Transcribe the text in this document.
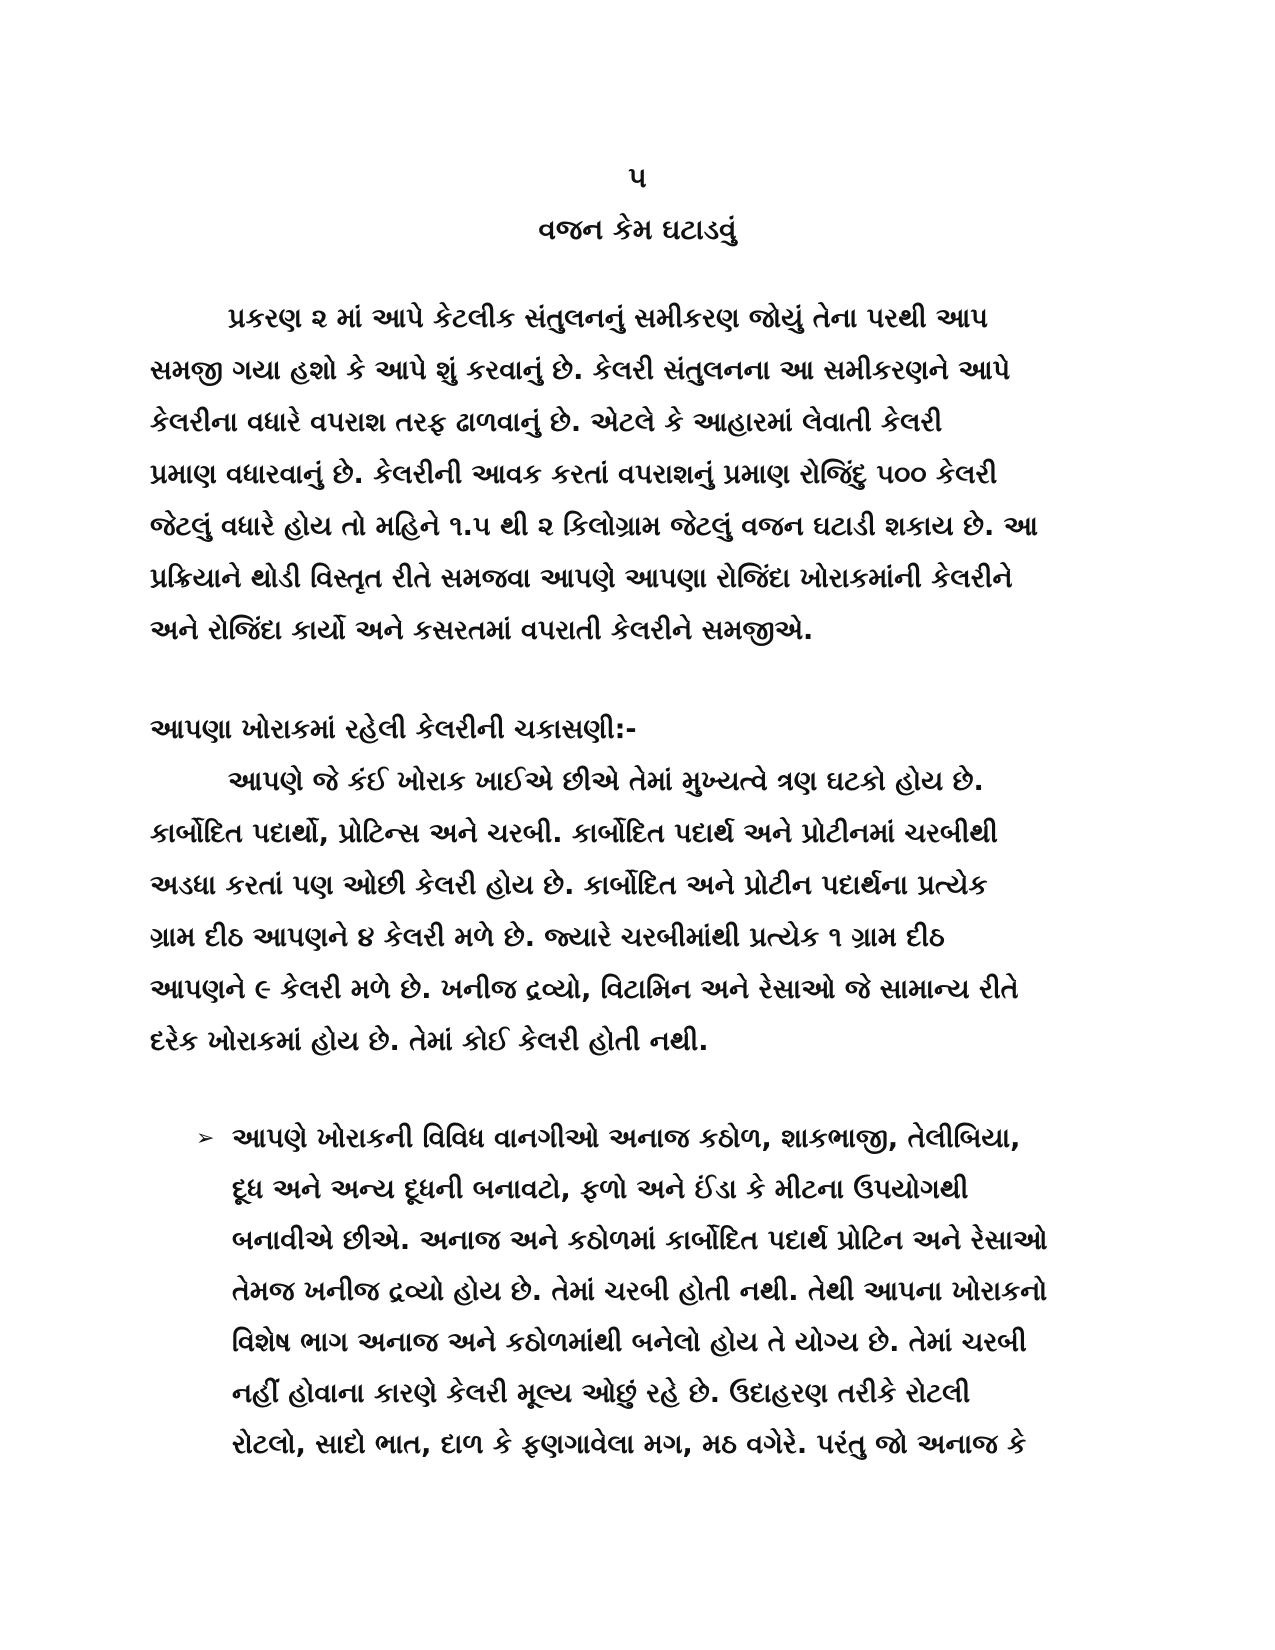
૫
વજન કેમ ઘટાડવું
પ્રકરણ ૨ માં આપે કેટલીક સંતુલનનું સમીકરણ જોયું તેના પરથી આપ
સમજી ગયા હશો કે આપે શું કરવાનું છે. કેલરી સંતુલનના આ સમીકરણને આપે
કેલરીના વધારે વપરાશ તરફ ઢાળવાનું છે. એટલે કે આહારમાં લેવાતી કેલરી
પ્રમાણ વધારવાનું છે. કેલરીની આવક કરતાં વપરાશનું પ્રમાણ રોજિંદુ ૫૦૦ કેલરી
જેટલું વધારે હોય તો મહિને ૧.૫ થી ૨ કિલોગ્રામ જેટલું વજન ઘટાડી શકાય છે. આ
પ્રક્રિયાને થોડી વિસ્તૃત રીતે સમજવા આપણે આપણા રોજિંદા ખોરાકમાંની કેલરીને
અને રોજિંદા કાર્યો અને કસરતમાં વપરાતી કેલરીને સમજીએ.
આપણા ખોરાકમાં રહેલી કેલરીની ચકાસણી:-
આપણે જે કંઈ ખોરાક ખાઈએ છીએ તેમાં મુખ્યત્વે ત્રણ ઘટકો હોય છે.
કાર્બોદિત પદાર્થો, પ્રોટિન્સ અને ચરબી. કાર્બોદિત પદાર્થ અને પ્રોટીનમાં ચરબીથી
અડધા કરતાં પણ ઓછી કેલરી હોય છે. કાર્બોદિત અને પ્રોટીન પદાર્થના પ્રત્યેક
ગ્રામ દીઠ આપણને ૪ કેલરી મળે છે. જ્યારે ચરબીમાંથી પ્રત્યેક ૧ ગ્રામ દીઠ
આપણને ૯ કેલરી મળે છે. ખનીજ દ્રવ્યો, વિટામિન અને રેસાઓ જે સામાન્ય રીતે
દરેક ખોરાકમાં હોય છે. તેમાં કોઈ કેલરી હોતી નથી.
➢ આપણે ખોરાકની વિવિધ વાનગીઓ અનાજ કઠોળ, શાકભાજી, તેલીબિયા,
દૂધ અને અન્ય દૂધની બનાવટો, ફળો અને ઈંડા કે મીટના ઉપયોગથી
બનાવીએ છીએ. અનાજ અને કઠોળમાં કાર્બોદિત પદાર્થ પ્રોટિન અને રેસાઓ
તેમજ ખનીજ દ્રવ્યો હોય છે. તેમાં ચરબી હોતી નથી. તેથી આપના ખોરાકનો
વિશેષ ભાગ અનાજ અને કઠોળમાંથી બનેલો હોય તે યોગ્ય છે. તેમાં ચરબી
નહીં હોવાના કારણે કેલરી મૂલ્ય ઓછું રહે છે. ઉદાહરણ તરીકે રોટલી
રોટલો, સાદો ભાત, દાળ કે ફણગાવેલા મગ, મઠ વગેરે. પરંતુ જો અનાજ કે
